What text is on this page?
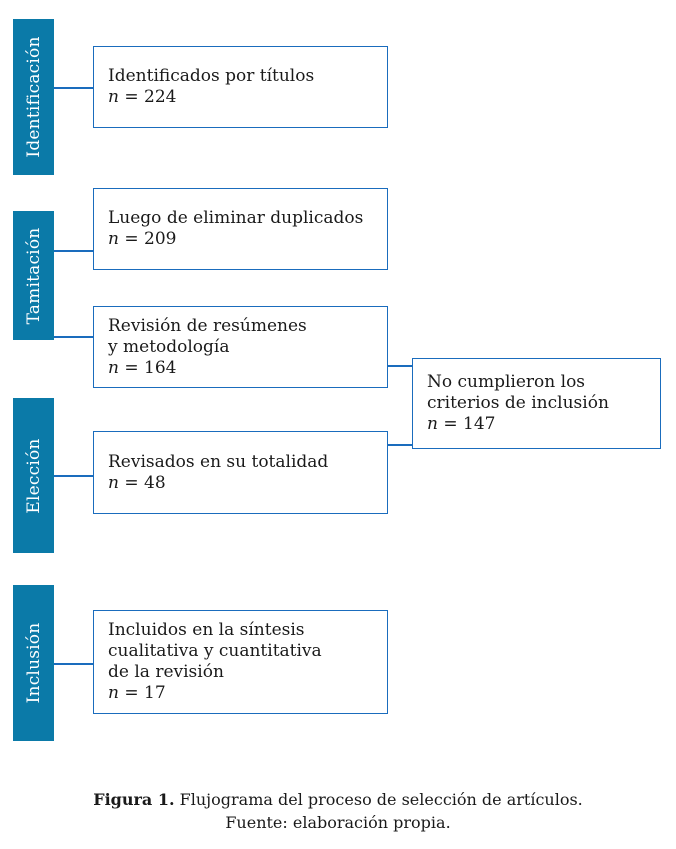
Identificación
Tamitación
Elección
Inclusión
Identificados por títulos
n = 224
Luego de eliminar duplicados
n = 209
Revisión de resúmenes
y metodología
n = 164
Revisados en su totalidad
n = 48
Incluidos en la síntesis
cualitativa y cuantitativa
de la revisión
n = 17
No cumplieron los
criterios de inclusión
n = 147
Figura 1. Flujograma del proceso de selección de artículos.
Fuente: elaboración propia.
